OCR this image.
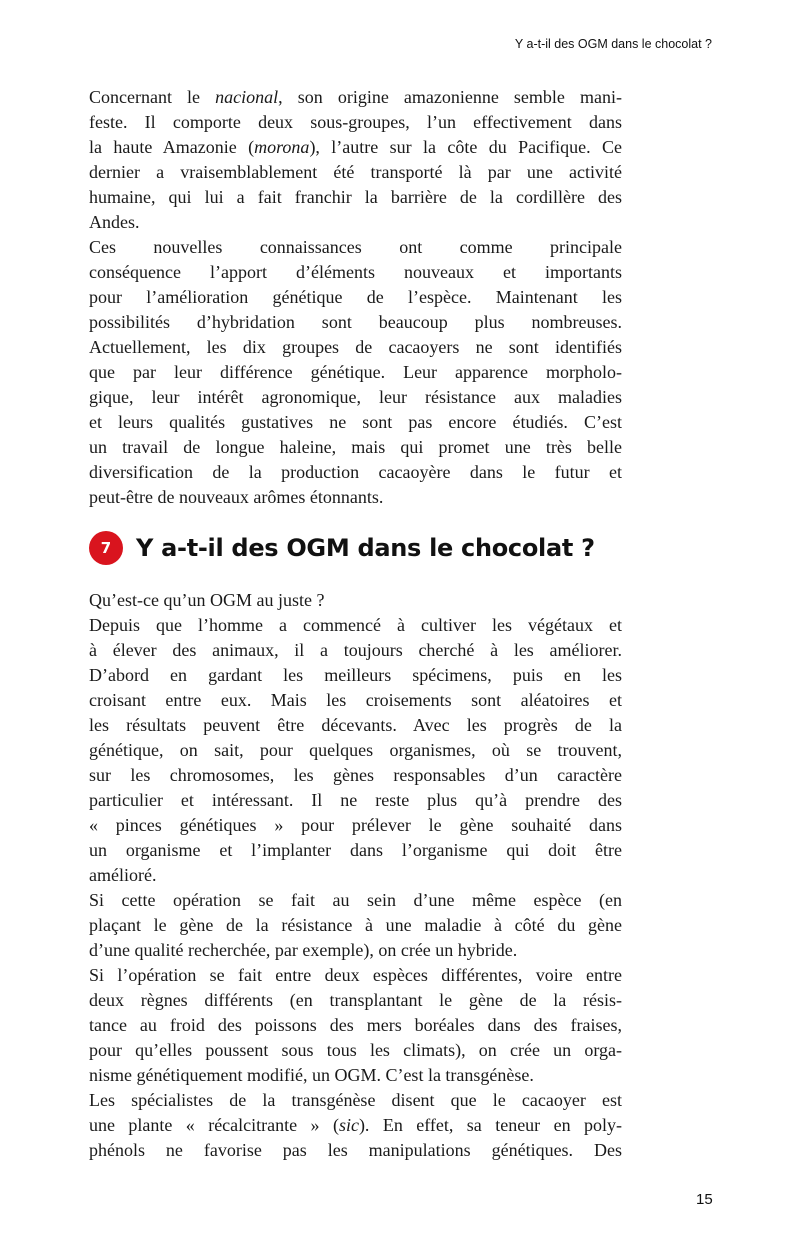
Y a-t-il des OGM dans le chocolat ?
Concernant le nacional, son origine amazonienne semble mani-
feste. Il comporte deux sous-groupes, l’un effectivement dans
la haute Amazonie (morona), l’autre sur la côte du Pacifique. Ce
dernier a vraisemblablement été transporté là par une activité
humaine, qui lui a fait franchir la barrière de la cordillère des
Andes.
Ces nouvelles connaissances ont comme principale
conséquence l’apport d’éléments nouveaux et importants
pour l’amélioration génétique de l’espèce. Maintenant les
possibilités d’hybridation sont beaucoup plus nombreuses.
Actuellement, les dix groupes de cacaoyers ne sont identifiés
que par leur différence génétique. Leur apparence morpholo-
gique, leur intérêt agronomique, leur résistance aux maladies
et leurs qualités gustatives ne sont pas encore étudiés. C’est
un travail de longue haleine, mais qui promet une très belle
diversification de la production cacaoyère dans le futur et
peut-être de nouveaux arômes étonnants.
7	Y a-t-il des OGM dans le chocolat ?
Qu’est-ce qu’un OGM au juste ?
Depuis que l’homme a commencé à cultiver les végétaux et
à élever des animaux, il a toujours cherché à les améliorer.
D’abord en gardant les meilleurs spécimens, puis en les
croisant entre eux. Mais les croisements sont aléatoires et
les résultats peuvent être décevants. Avec les progrès de la
génétique, on sait, pour quelques organismes, où se trouvent,
sur les chromosomes, les gènes responsables d’un caractère
particulier et intéressant. Il ne reste plus qu’à prendre des
« pinces génétiques » pour prélever le gène souhaité dans
un organisme et l’implanter dans l’organisme qui doit être
amélioré.
Si cette opération se fait au sein d’une même espèce (en
plaçant le gène de la résistance à une maladie à côté du gène
d’une qualité recherchée, par exemple), on crée un hybride.
Si l’opération se fait entre deux espèces différentes, voire entre
deux règnes différents (en transplantant le gène de la résis-
tance au froid des poissons des mers boréales dans des fraises,
pour qu’elles poussent sous tous les climats), on crée un orga-
nisme génétiquement modifié, un OGM. C’est la transgénèse.
Les spécialistes de la transgénèse disent que le cacaoyer est
une plante « récalcitrante » (sic). En effet, sa teneur en poly-
phénols ne favorise pas les manipulations génétiques. Des
15
